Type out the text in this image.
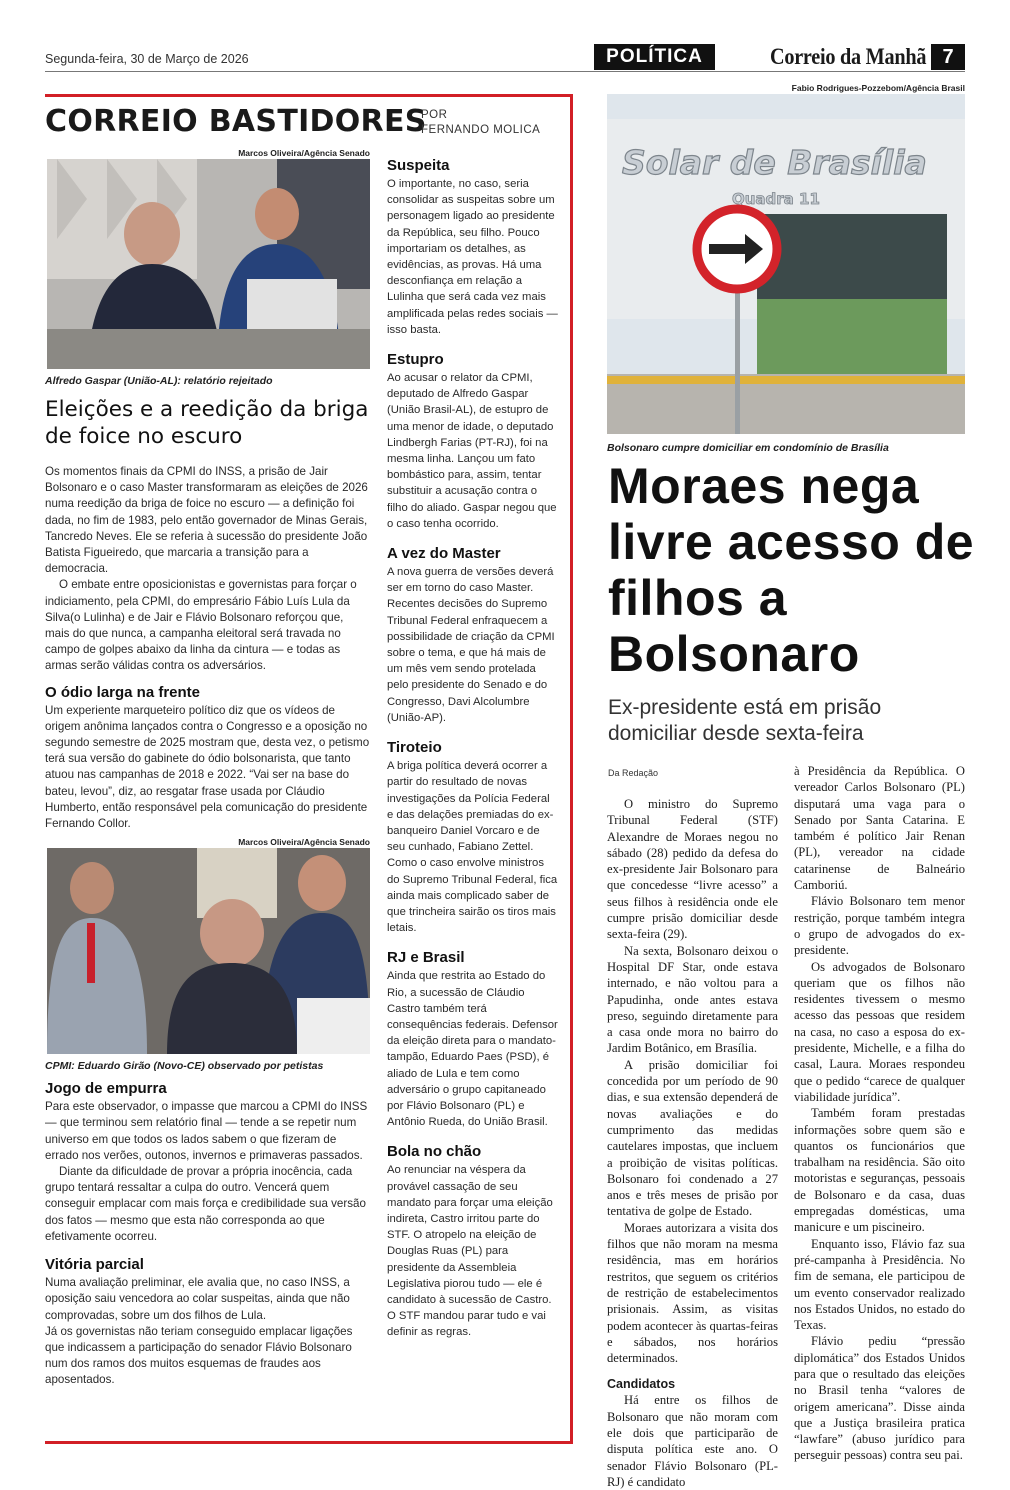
Segunda-feira, 30 de Março de 2026	POLÍTICA	Correio da Manhã 7
CORREIO BASTIDORES
POR
FERNANDO MOLICA
Marcos Oliveira/Agência Senado
Alfredo Gaspar (União-AL): relatório rejeitado
Eleições e a reedição da briga de foice no escuro

Os momentos finais da CPMI do INSS, a prisão de Jair Bolsonaro e o caso Master transformaram as eleições de 2026 numa reedição da briga de foice no escuro — a definição foi dada, no fim de 1983, pelo então governador de Minas Gerais, Tancredo Neves. Ele se referia à sucessão do presidente João Batista Figueiredo, que marcaria a transição para a democracia.

O embate entre oposicionistas e governistas para forçar o indiciamento, pela CPMI, do empresário Fábio Luís Lula da Silva(o Lulinha) e de Jair e Flávio Bolsonaro reforçou que, mais do que nunca, a campanha eleitoral será travada no campo de golpes abaixo da linha da cintura — e todas as armas serão válidas contra os adversários.

O ódio larga na frente

Um experiente marqueteiro político diz que os vídeos de origem anônima lançados contra o Congresso e a oposição no segundo semestre de 2025 mostram que, desta vez, o petismo terá sua versão do gabinete do ódio bolsonarista, que tanto atuou nas campanhas de 2018 e 2022. “Vai ser na base do bateu, levou”, diz, ao resgatar frase usada por Cláudio Humberto, então responsável pela comunicação do presidente Fernando Collor.

Marcos Oliveira/Agência Senado
CPMI: Eduardo Girão (Novo-CE) observado por petistas
Jogo de empurra

Para este observador, o impasse que marcou a CPMI do INSS — que terminou sem relatório final — tende a se repetir num universo em que todos os lados sabem o que fizeram de errado nos verões, outonos, invernos e primaveras passados.

Diante da dificuldade de provar a própria inocência, cada grupo tentará ressaltar a culpa do outro. Vencerá quem conseguir emplacar com mais força e credibilidade sua versão dos fatos — mesmo que esta não corresponda ao que efetivamente ocorreu.

Vitória parcial

Numa avaliação preliminar, ele avalia que, no caso INSS, a oposição saiu vencedora ao colar suspeitas, ainda que não comprovadas, sobre um dos filhos de Lula.

Já os governistas não teriam conseguido emplacar ligações que indicassem a participação do senador Flávio Bolsonaro num dos ramos dos muitos esquemas de fraudes aos aposentados.

Suspeita

O importante, no caso, seria consolidar as suspeitas sobre um personagem ligado ao presidente da República, seu filho. Pouco importariam os detalhes, as evidências, as provas. Há uma desconfiança em relação a Lulinha que será cada vez mais amplificada pelas redes sociais — isso basta.

Estupro

Ao acusar o relator da CPMI, deputado de Alfredo Gaspar (União Brasil-AL), de estupro de uma menor de idade, o deputado Lindbergh Farias (PT-RJ), foi na mesma linha. Lançou um fato bombástico para, assim, tentar substituir a acusação contra o filho do aliado. Gaspar negou que o caso tenha ocorrido.

A vez do Master

A nova guerra de versões deverá ser em torno do caso Master. Recentes decisões do Supremo Tribunal Federal enfraquecem a possibilidade de criação da CPMI sobre o tema, e que há mais de um mês vem sendo protelada pelo presidente do Senado e do Congresso, Davi Alcolumbre (União-AP).

Tiroteio

A briga política deverá ocorrer a partir do resultado de novas investigações da Polícia Federal e das delações premiadas do ex-banqueiro Daniel Vorcaro e de seu cunhado, Fabiano Zettel. Como o caso envolve ministros do Supremo Tribunal Federal, fica ainda mais complicado saber de que trincheira sairão os tiros mais letais.

RJ e Brasil

Ainda que restrita ao Estado do Rio, a sucessão de Cláudio Castro também terá consequências federais. Defensor da eleição direta para o mandato-tampão, Eduardo Paes (PSD), é aliado de Lula e tem como adversário o grupo capitaneado por Flávio Bolsonaro (PL) e Antônio Rueda, do União Brasil.

Bola no chão

Ao renunciar na véspera da provável cassação de seu mandato para forçar uma eleição indireta, Castro irritou parte do STF. O atropelo na eleição de Douglas Ruas (PL) para presidente da Assembleia Legislativa piorou tudo — ele é candidato à sucessão de Castro. O STF mandou parar tudo e vai definir as regras.

Fabio Rodrigues-Pozzebom/Agência Brasil
Solar de Brasília
Quadra 11
Bolsonaro cumpre domiciliar em condomínio de Brasília
Moraes nega livre acesso de filhos a Bolsonaro
Ex-presidente está em prisão domiciliar desde sexta-feira
Da Redação

O ministro do Supremo Tribunal Federal (STF) Alexandre de Moraes negou no sábado (28) pedido da defesa do ex-presidente Jair Bolsonaro para que concedesse “livre acesso” a seus filhos à residência onde ele cumpre prisão domiciliar desde sexta-feira (29).

Na sexta, Bolsonaro deixou o Hospital DF Star, onde estava internado, e não voltou para a Papudinha, onde antes estava preso, seguindo diretamente para a casa onde mora no bairro do Jardim Botânico, em Brasília.

A prisão domiciliar foi concedida por um período de 90 dias, e sua extensão dependerá de novas avaliações e do cumprimento das medidas cautelares impostas, que incluem a proibição de visitas políticas. Bolsonaro foi condenado a 27 anos e três meses de prisão por tentativa de golpe de Estado.

Moraes autorizara a visita dos filhos que não moram na mesma residência, mas em horários restritos, que seguem os critérios de restrição de estabelecimentos prisionais. Assim, as visitas podem acontecer às quartas-feiras e sábados, nos horários determinados.

Candidatos

Há entre os filhos de Bolsonaro que não moram com ele dois que participarão de disputa política este ano. O senador Flávio Bolsonaro (PL-RJ) é candidato

à Presidência da República. O vereador Carlos Bolsonaro (PL) disputará uma vaga para o Senado por Santa Catarina. E também é político Jair Renan (PL), vereador na cidade catarinense de Balneário Camboriú.

Flávio Bolsonaro tem menor restrição, porque também integra o grupo de advogados do ex-presidente.

Os advogados de Bolsonaro queriam que os filhos não residentes tivessem o mesmo acesso das pessoas que residem na casa, no caso a esposa do ex-presidente, Michelle, e a filha do casal, Laura. Moraes respondeu que o pedido “carece de qualquer viabilidade jurídica”.

Também foram prestadas informações sobre quem são e quantos os funcionários que trabalham na residência. São oito motoristas e seguranças, pessoais de Bolsonaro e da casa, duas empregadas domésticas, uma manicure e um piscineiro.

Enquanto isso, Flávio faz sua pré-campanha à Presidência. No fim de semana, ele participou de um evento conservador realizado nos Estados Unidos, no estado do Texas.

Flávio pediu “pressão diplomática” dos Estados Unidos para que o resultado das eleições no Brasil tenha “valores de origem americana”. Disse ainda que a Justiça brasileira pratica “lawfare” (abuso jurídico para perseguir pessoas) contra seu pai.
